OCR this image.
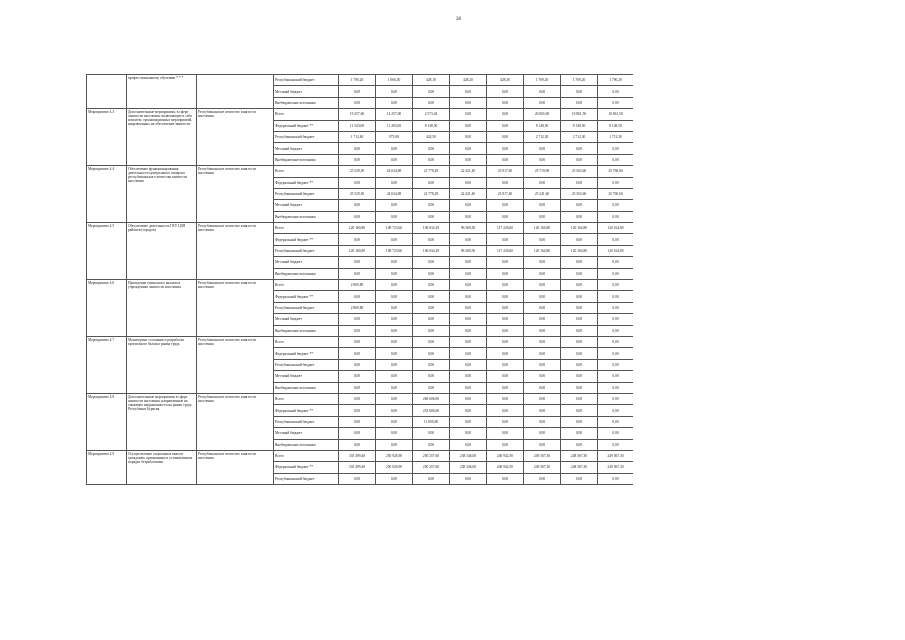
28
	профессиональному обучению * * *		Республиканский бюджет	1 790,20	1 066,50	428,10	428,20	428,30	1 769,20	1 769,20	1 790,20
			Местный бюджет	0,00	0,00	0,00	0,00	0,00	0,00	0,00	0,00
			Внебюджетные источники	0,00	0,00	0,00	0,00	0,00	0,00	0,00	0,00
Мероприятие 4.3	Дополнительные мероприятия, в сфере занятости населения, включающие в себя комплекс организационных мероприятий, направленных на обеспечение занятости	Республиканское агентство занятости населения	Всего	19 257,60	14 257,00	2 573,44	0,00	0,00	20 065,00	10 861,50	10 861,50
			Федеральный бюджет **	11 543,00	11 283,00	8 148,50	0,00	0,00	8 148,50	8 148,50	8 148,50
			Республиканский бюджет	1 712,60	973,90	424,50	0,00	0,00	2 712,30	2 712,30	1 712,30
			Местный бюджет	0,00	0,00	0,00	0,00	0,00	0,00	0,00	0,00
			Внебюджетные источники	0,00	0,00	0,00	0,00	0,00	0,00	0,00	0,00
Мероприятие 4.4	Обеспечение функционирования деятельности центрального аппарата республиканского агентства занятости населения	Республиканское агентство занятости населения	Всего	25 529,30	24 634,08	21 778,29	22 421,40	23 917,40	25 719,00	25 563,60	25 760,60
			Федеральный бюджет **	0,00	0,00	0,00	0,00	0,00	0,00	0,00	0,00
			Республиканский бюджет	25 529,30	24 634,08	21 778,29	22 421,40	23 917,40	25 241,60	25 563,60	25 760,60
			Местный бюджет	0,00	0,00	0,00	0,00	0,00	0,00	0,00	0,00
			Внебюджетные источники	0,00	0,00	0,00	0,00	0,00	0,00	0,00	0,00
Мероприятие 4.5	Обеспечение деятельности ГКУ ЦЗН районов (городов)	Республиканское агентство занятости населения	Всего	120 160,80	108 723,60	106 634,29	96 369,50	117 226,60	120 164,80	120 164,80	120 164,80
			Федеральный бюджет **	0,00	0,00	0,00	0,00	0,00	0,00	0,00	0,00
			Республиканский бюджет	120 160,80	108 723,60	106 634,29	96 369,50	117 226,60	120 164,80	120 164,80	120 164,80
			Местный бюджет	0,00	0,00	0,00	0,00	0,00	0,00	0,00	0,00
			Внебюджетные источники	0,00	0,00	0,00	0,00	0,00	0,00	0,00	0,00
Мероприятие 4.6	Проведение оценочного анализа в учреждениях занятости населения	Республиканское агентство занятости населения	Всего	2 869,80	0,00	0,00	0,00	0,00	0,00	0,00	0,00
			Федеральный бюджет **	0,00	0,00	0,00	0,00	0,00	0,00	0,00	0,00
			Республиканский бюджет	2 869,80	0,00	0,00	0,00	0,00	0,00	0,00	0,00
			Местный бюджет	0,00	0,00	0,00	0,00	0,00	0,00	0,00	0,00
			Внебюджетные источники	0,00	0,00	0,00	0,00	0,00	0,00	0,00	0,00
Мероприятие 4.7	Мониторинг состояния и разработка прогнозного баланса рынка труда	Республиканское агентство занятости населения	Всего	0,00	0,00	0,00	0,00	0,00	0,00	0,00	0,00
			Федеральный бюджет **	0,00	0,00	0,00	0,00	0,00	0,00	0,00	0,00
			Республиканский бюджет	0,00	0,00	0,00	0,00	0,00	0,00	0,00	0,00
			Местный бюджет	0,00	0,00	0,00	0,00	0,00	0,00	0,00	0,00
			Внебюджетные источники	0,00	0,00	0,00	0,00	0,00	0,00	0,00	0,00
Мероприятие 4.8	Дополнительные мероприятия в сфере занятости населения, направленные на снижение напряженности на рынке труда Республики Бурятия	Республиканское агентство занятости населения	Всего	0,00	0,00	266 606,00	0,00	0,00	0,00	0,00	0,00
			Федеральный бюджет **	0,00	0,00	253 606,00	0,00	0,00	0,00	0,00	0,00
			Республиканский бюджет	0,00	0,00	13 000,00	0,00	0,00	0,00	0,00	0,00
			Местный бюджет	0,00	0,00	0,00	0,00	0,00	0,00	0,00	0,00
			Внебюджетные источники	0,00	0,00	0,00	0,00	0,00	0,00	0,00	0,00
Мероприятие 4.9	Осуществление социальных выплат гражданам, признанным в установленном порядке безработными	Республиканское агентство занятости населения	Всего	335 499,40	250 926,90	250 257,60	238 346,00	246 942,50	249 567,30	248 567,30	249 567,30
			Федеральный бюджет **	335 499,40	250 926,90	250 257,60	238 346,00	246 942,50	249 567,30	248 567,30	249 567,30
			Республиканский бюджет	0,00	0,00	0,00	0,00	0,00	0,00	0,00	0,00
